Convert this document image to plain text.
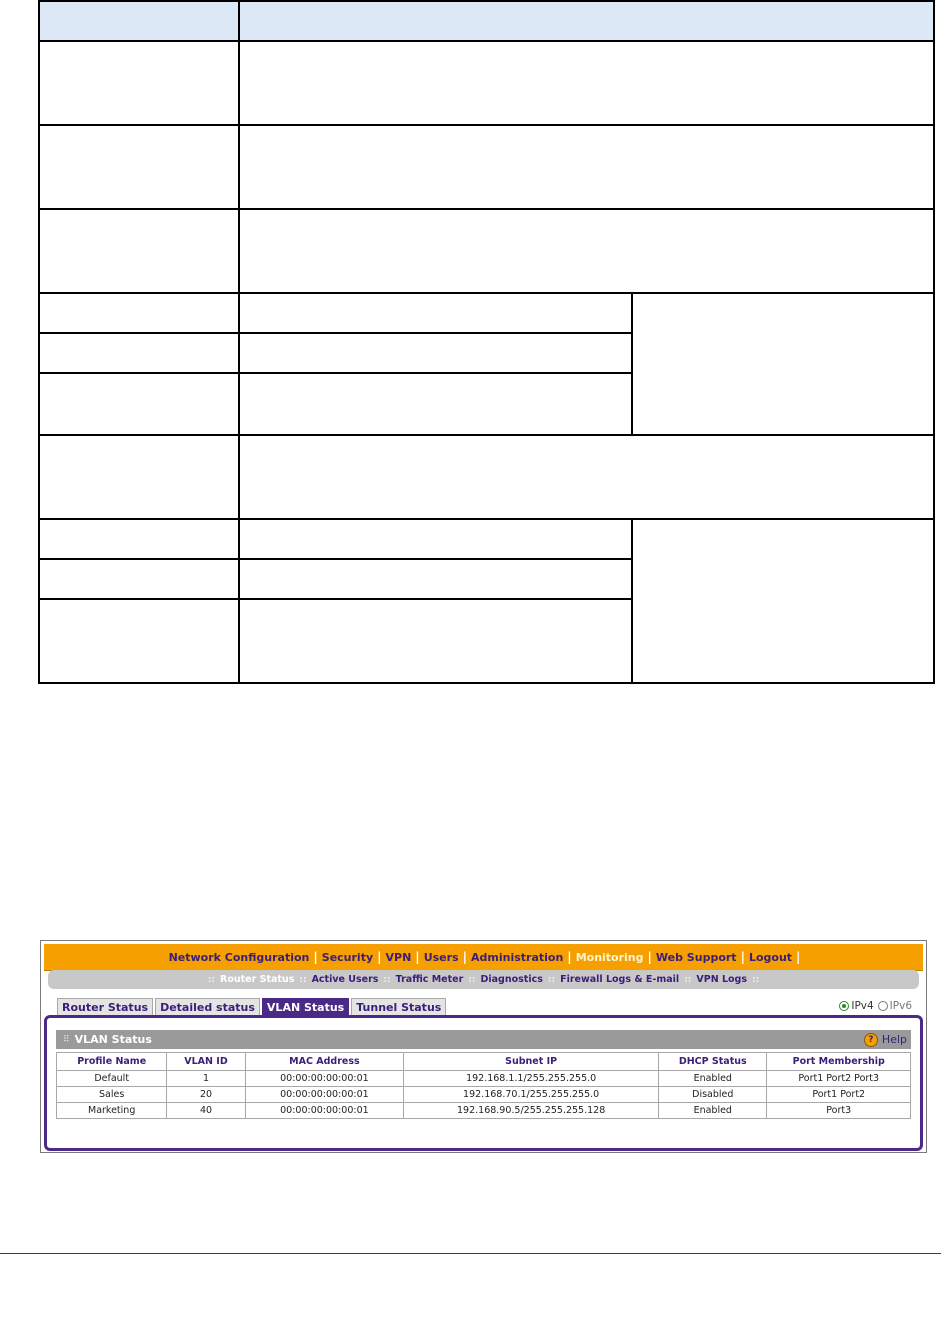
Network Configuration | Security | VPN | Users | Administration | Monitoring | Web Support | Logout |
:: Router Status :: Active Users :: Traffic Meter :: Diagnostics :: Firewall Logs & E-mail :: VPN Logs ::
Router Status	Detailed status	VLAN Status	Tunnel Status	IPv4 IPv6
⠿ VLAN Status	? Help
Profile Name	VLAN ID	MAC Address	Subnet IP	DHCP Status	Port Membership
Default	1	00:00:00:00:00:01	192.168.1.1/255.255.255.0	Enabled	Port1 Port2 Port3
Sales	20	00:00:00:00:00:01	192.168.70.1/255.255.255.0	Disabled	Port1 Port2
Marketing	40	00:00:00:00:00:01	192.168.90.5/255.255.255.128	Enabled	Port3
